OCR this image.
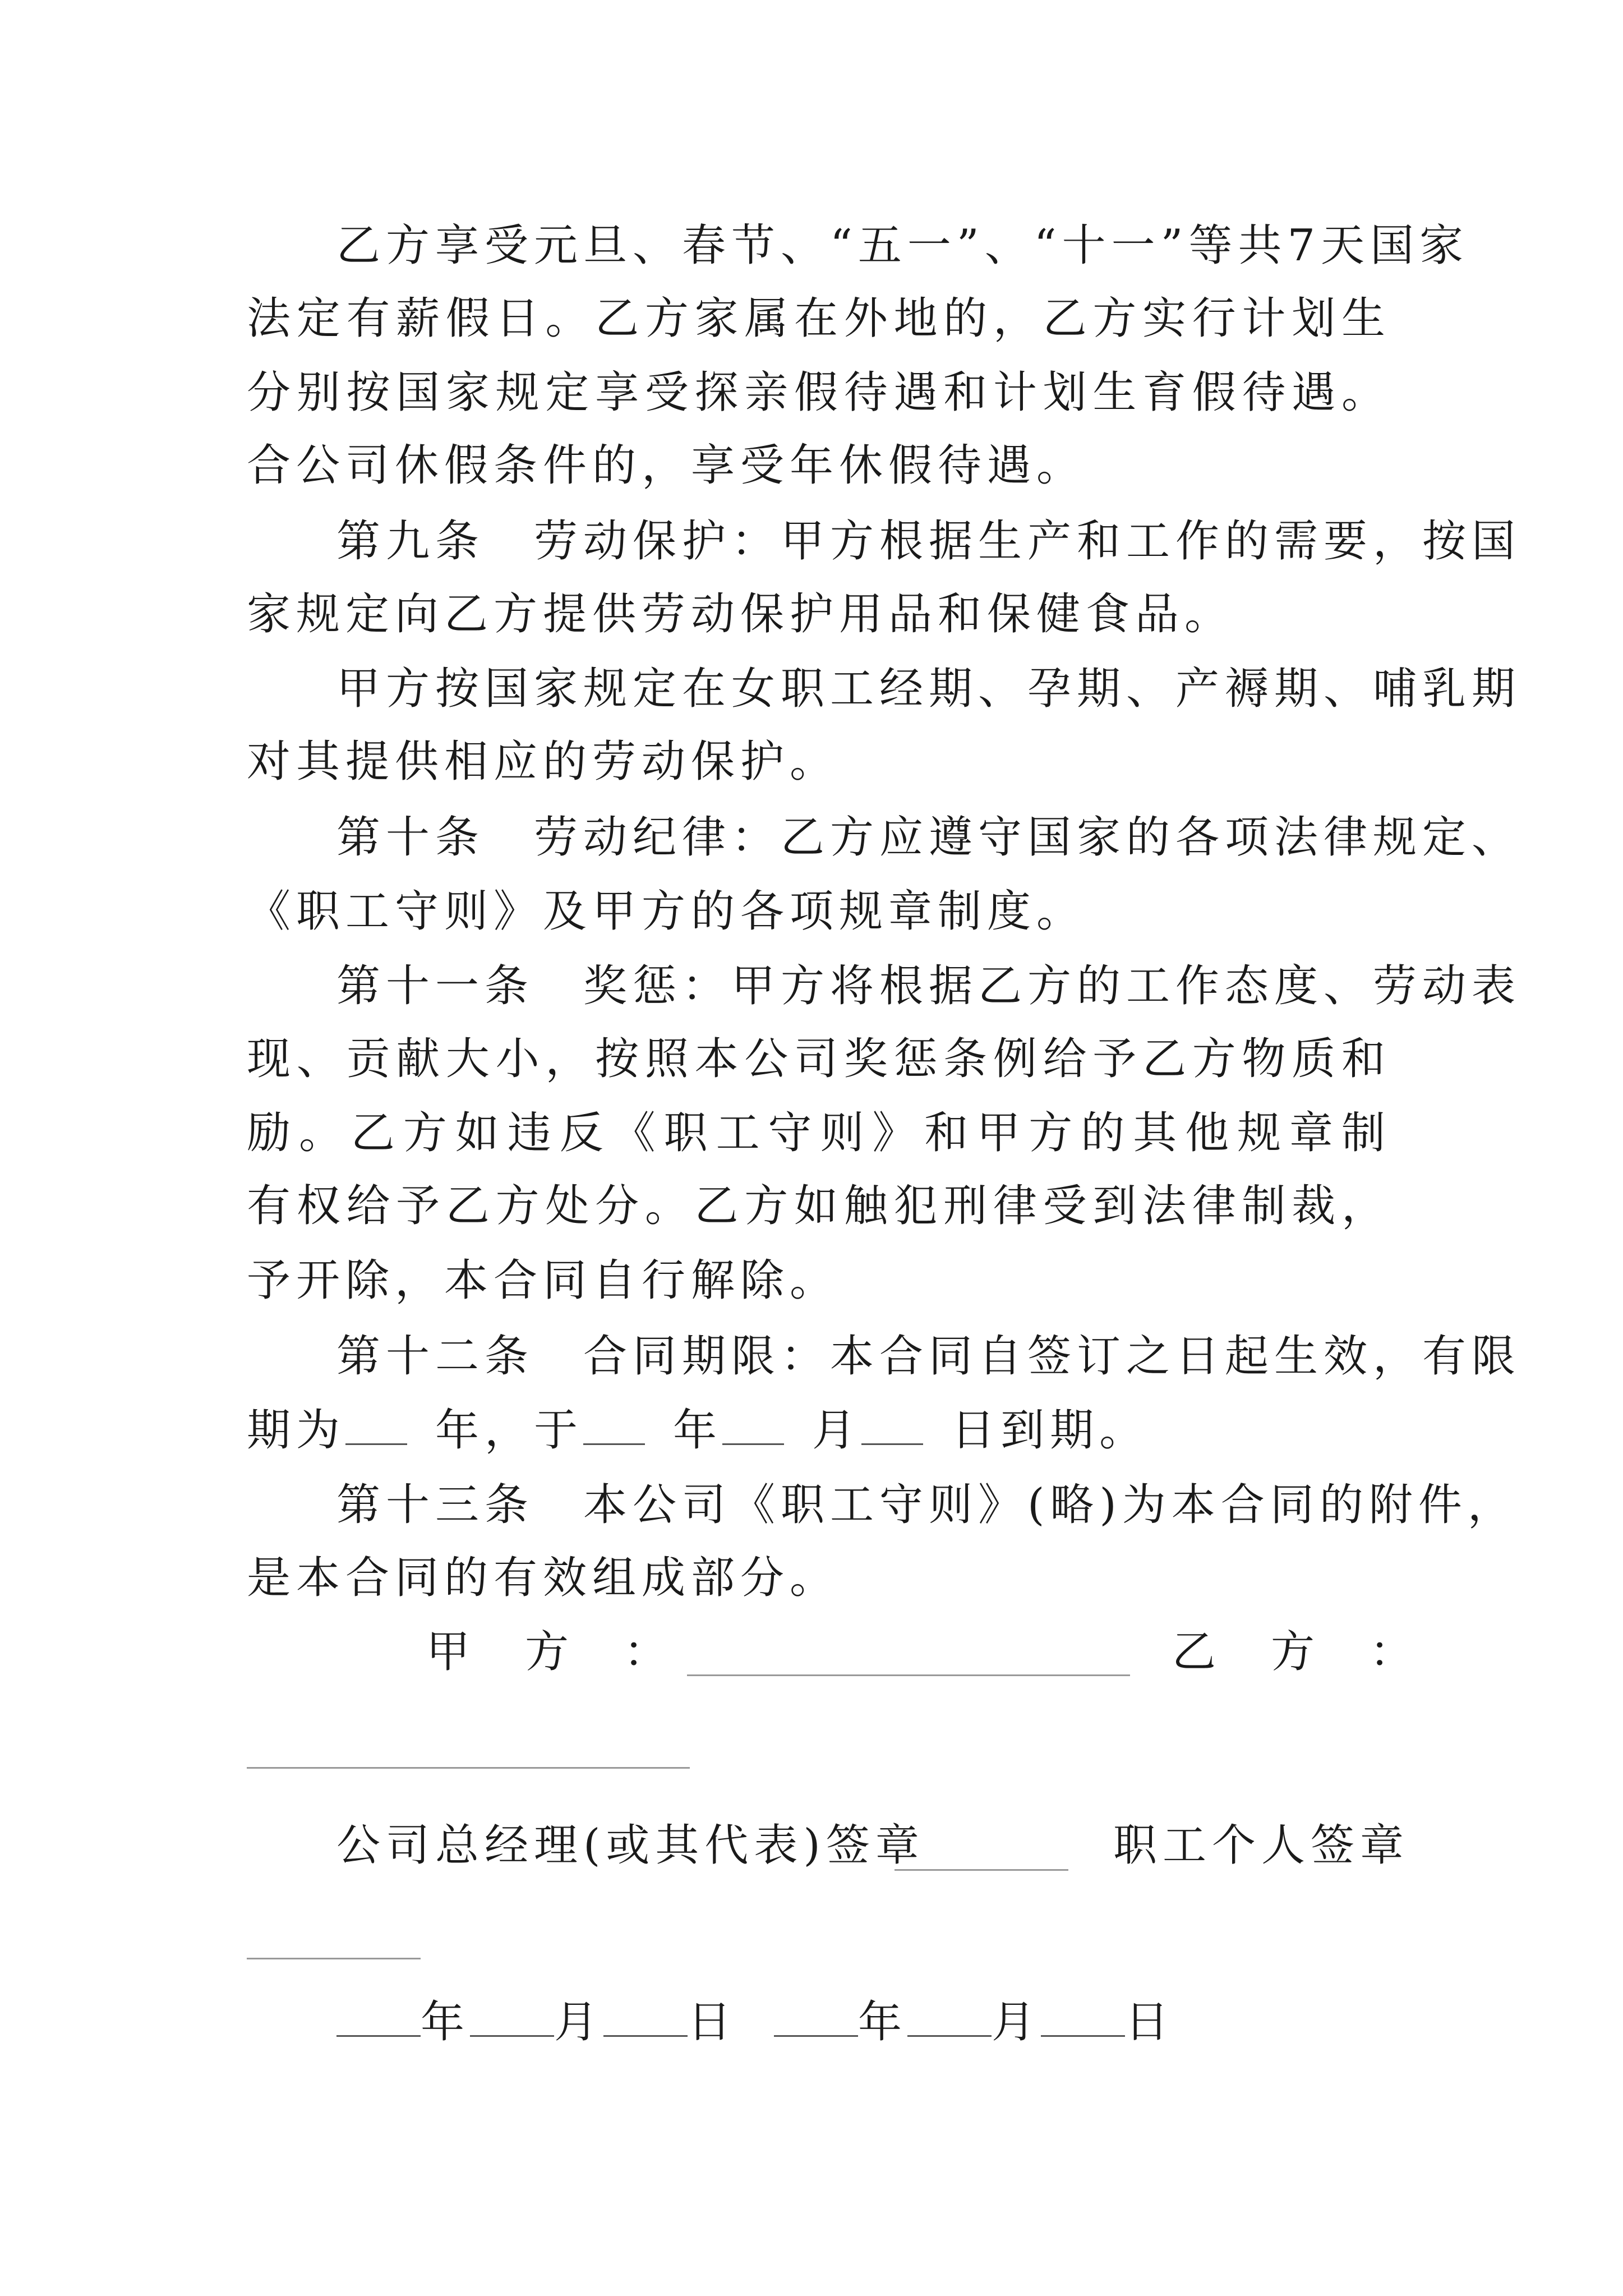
乙方享受元旦、春节、“五一”、“十一”等共7天国家
法定有薪假日。乙方家属在外地的，乙方实行计划生
分别按国家规定享受探亲假待遇和计划生育假待遇。
合公司休假条件的，享受年休假待遇。
第九条　劳动保护：甲方根据生产和工作的需要，按国
家规定向乙方提供劳动保护用品和保健食品。
甲方按国家规定在女职工经期、孕期、产褥期、哺乳期
对其提供相应的劳动保护。
第十条　劳动纪律：乙方应遵守国家的各项法律规定、
《职工守则》及甲方的各项规章制度。
第十一条　奖惩：甲方将根据乙方的工作态度、劳动表
现、贡献大小，按照本公司奖惩条例给予乙方物质和
励。乙方如违反《职工守则》和甲方的其他规章制
有权给予乙方处分。乙方如触犯刑律受到法律制裁，
予开除，本合同自行解除。
第十二条　合同期限：本合同自签订之日起生效，有限
期为 年，于 年 月 日到期。
第十三条　本公司《职工守则》(略)为本合同的附件，
是本合同的有效组成部分。
甲　方　：	乙　方　：
公司总经理(或其代表)签章	职工个人签章
年 月 日	年 月 日
